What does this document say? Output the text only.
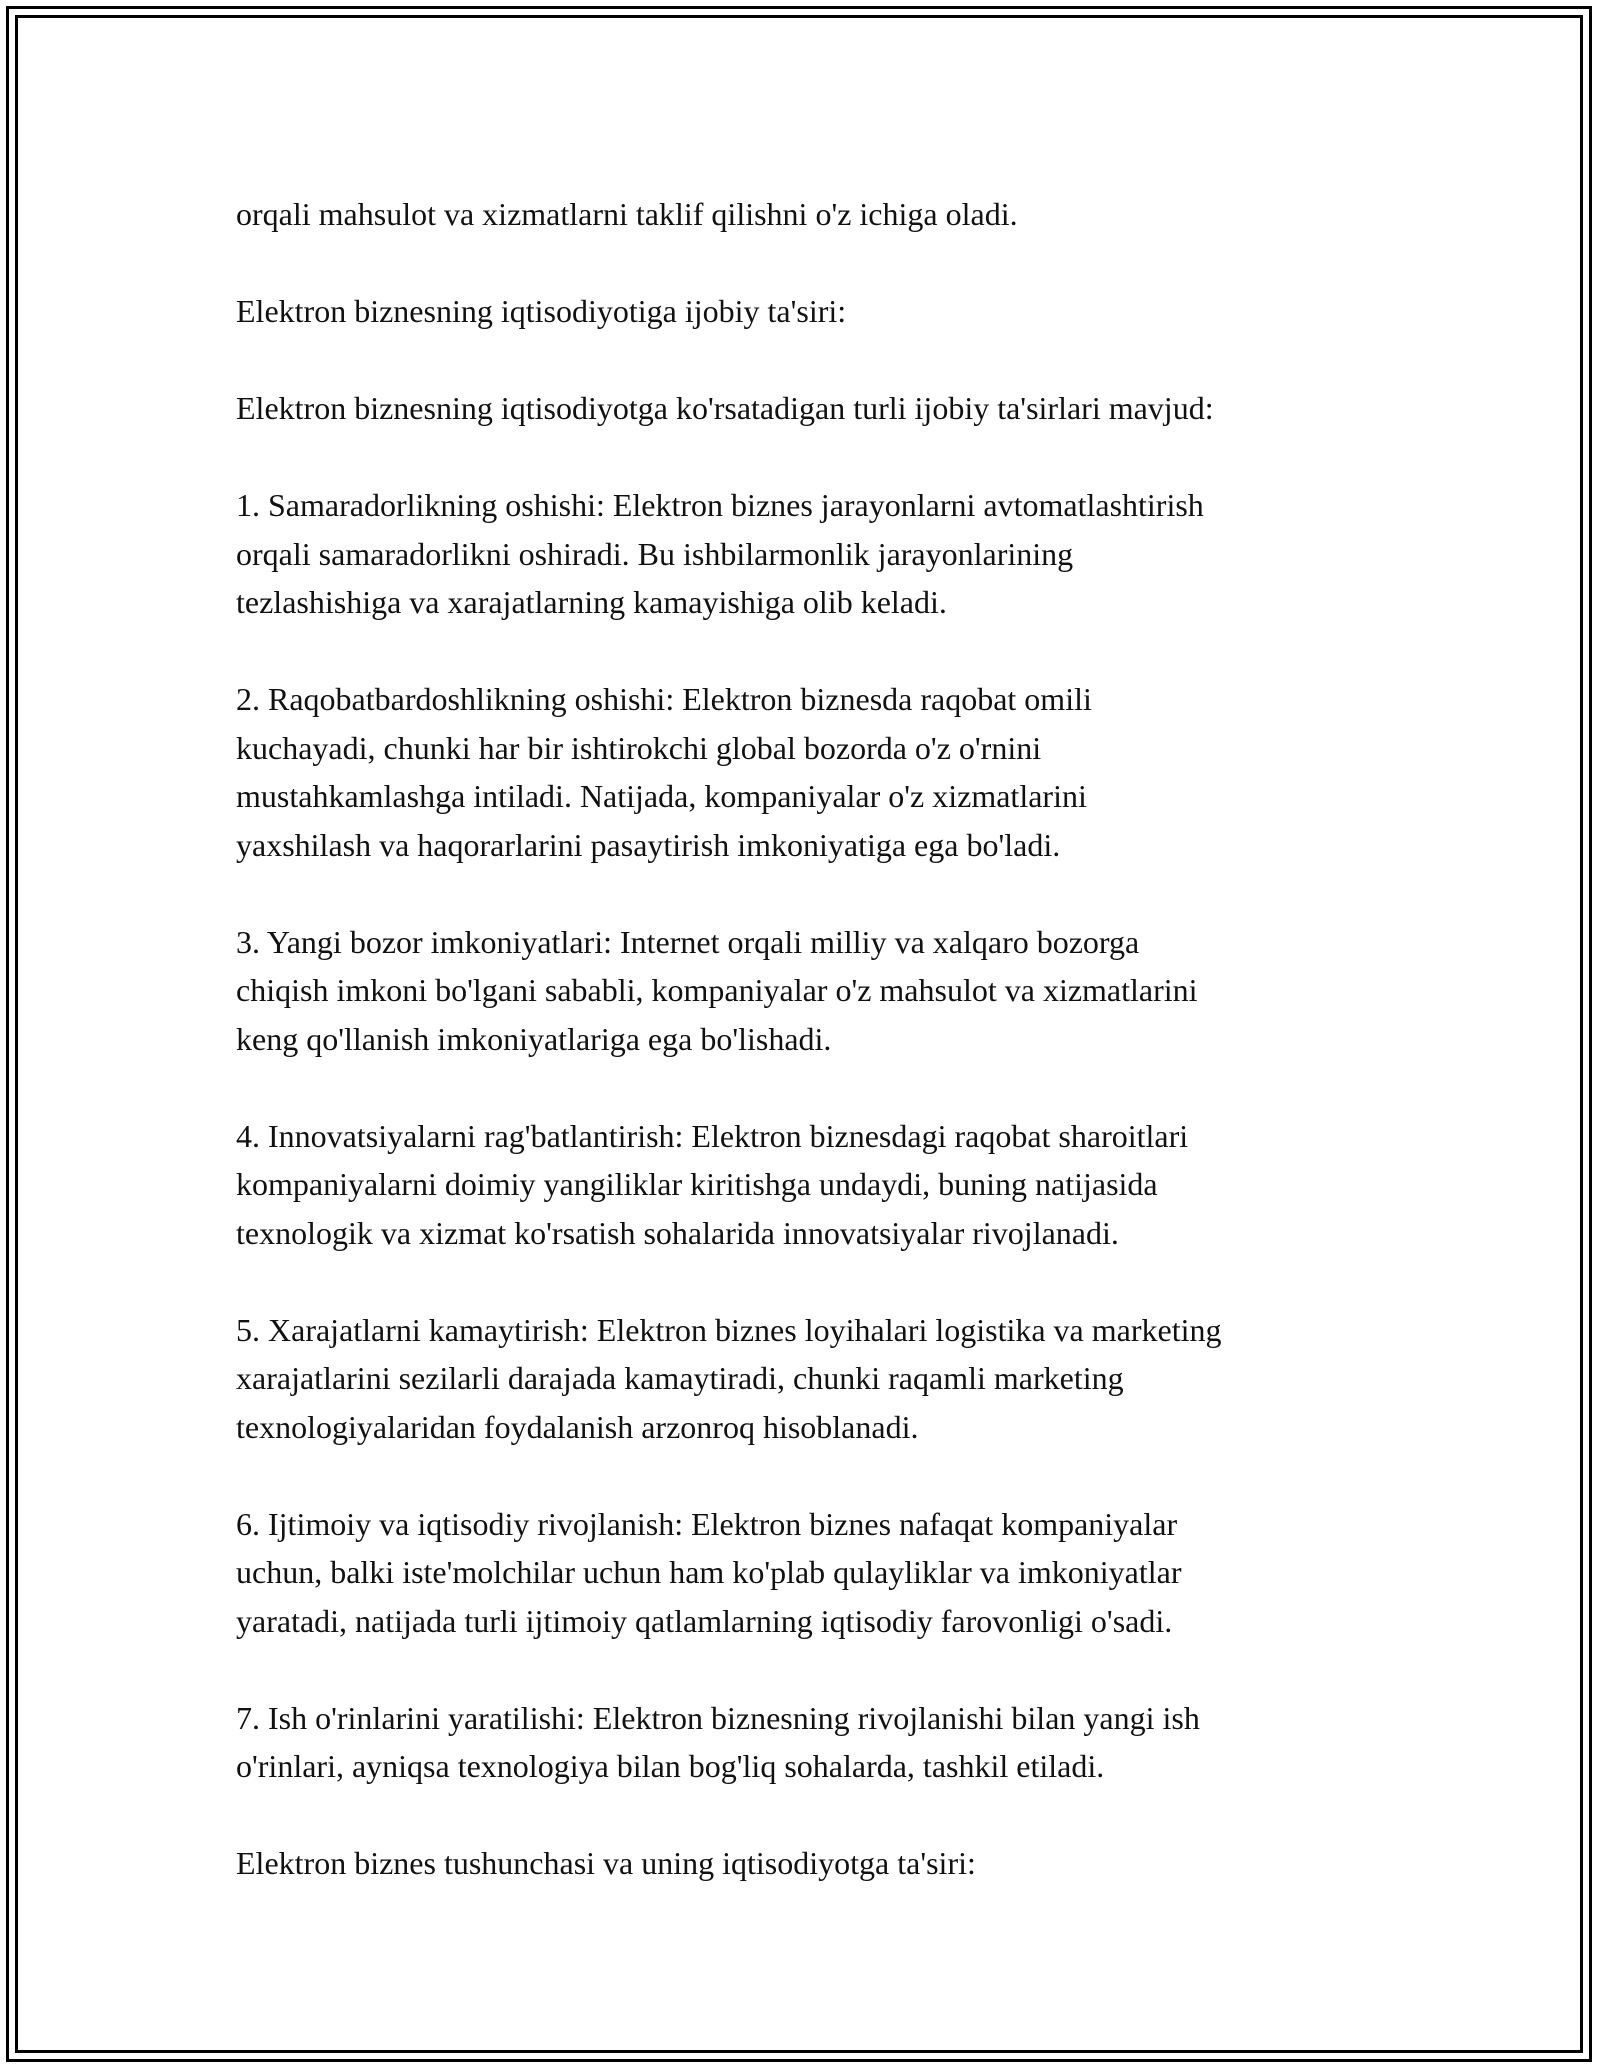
orqali mahsulot va xizmatlarni taklif qilishni o'z ichiga oladi.

Elektron biznesning iqtisodiyotiga ijobiy ta'siri:

Elektron biznesning iqtisodiyotga ko'rsatadigan turli ijobiy ta'sirlari mavjud:

1. Samaradorlikning oshishi: Elektron biznes jarayonlarni avtomatlashtirish
orqali samaradorlikni oshiradi. Bu ishbilarmonlik jarayonlarining
tezlashishiga va xarajatlarning kamayishiga olib keladi.

2. Raqobatbardoshlikning oshishi: Elektron biznesda raqobat omili
kuchayadi, chunki har bir ishtirokchi global bozorda o'z o'rnini
mustahkamlashga intiladi. Natijada, kompaniyalar o'z xizmatlarini
yaxshilash va haqorarlarini pasaytirish imkoniyatiga ega bo'ladi.

3. Yangi bozor imkoniyatlari: Internet orqali milliy va xalqaro bozorga
chiqish imkoni bo'lgani sababli, kompaniyalar o'z mahsulot va xizmatlarini
keng qo'llanish imkoniyatlariga ega bo'lishadi.

4. Innovatsiyalarni rag'batlantirish: Elektron biznesdagi raqobat sharoitlari
kompaniyalarni doimiy yangiliklar kiritishga undaydi, buning natijasida
texnologik va xizmat ko'rsatish sohalarida innovatsiyalar rivojlanadi.

5. Xarajatlarni kamaytirish: Elektron biznes loyihalari logistika va marketing
xarajatlarini sezilarli darajada kamaytiradi, chunki raqamli marketing
texnologiyalaridan foydalanish arzonroq hisoblanadi.

6. Ijtimoiy va iqtisodiy rivojlanish: Elektron biznes nafaqat kompaniyalar
uchun, balki iste'molchilar uchun ham ko'plab qulayliklar va imkoniyatlar
yaratadi, natijada turli ijtimoiy qatlamlarning iqtisodiy farovonligi o'sadi.

7. Ish o'rinlarini yaratilishi: Elektron biznesning rivojlanishi bilan yangi ish
o'rinlari, ayniqsa texnologiya bilan bog'liq sohalarda, tashkil etiladi.

Elektron biznes tushunchasi va uning iqtisodiyotga ta'siri:
